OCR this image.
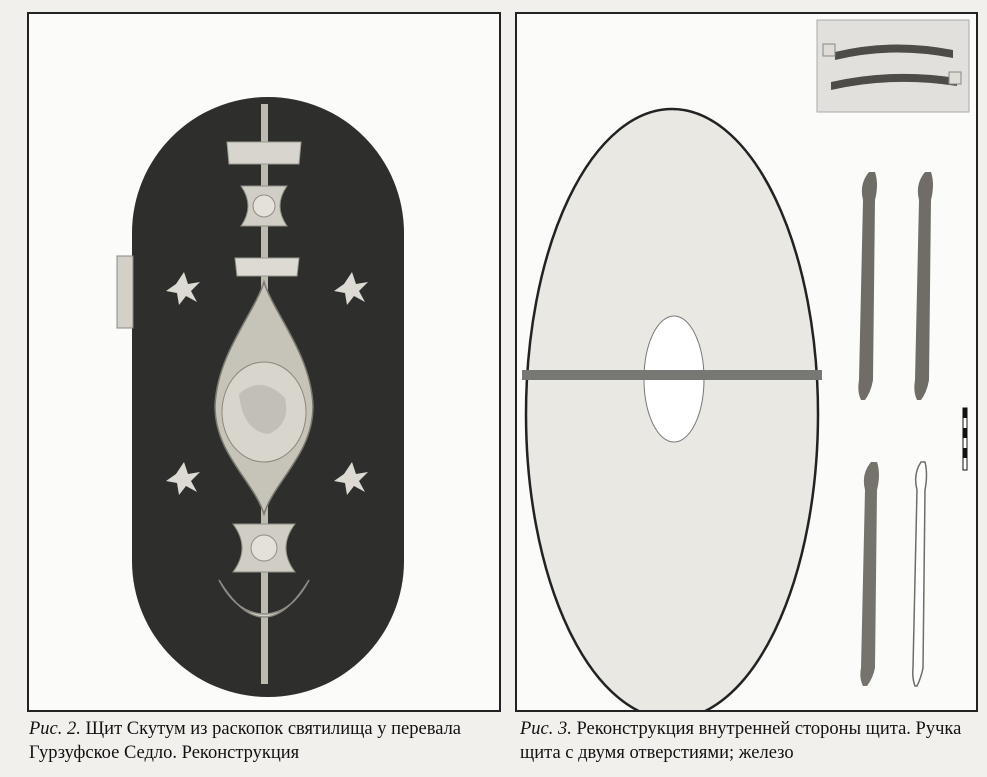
Рис. 2. Щит Скутум из раскопок святилища у перевала Гурзуфское Седло. Реконструкция

Рис. 3. Реконструкция внутренней стороны щита. Ручка щита с двумя отверстиями; железо
